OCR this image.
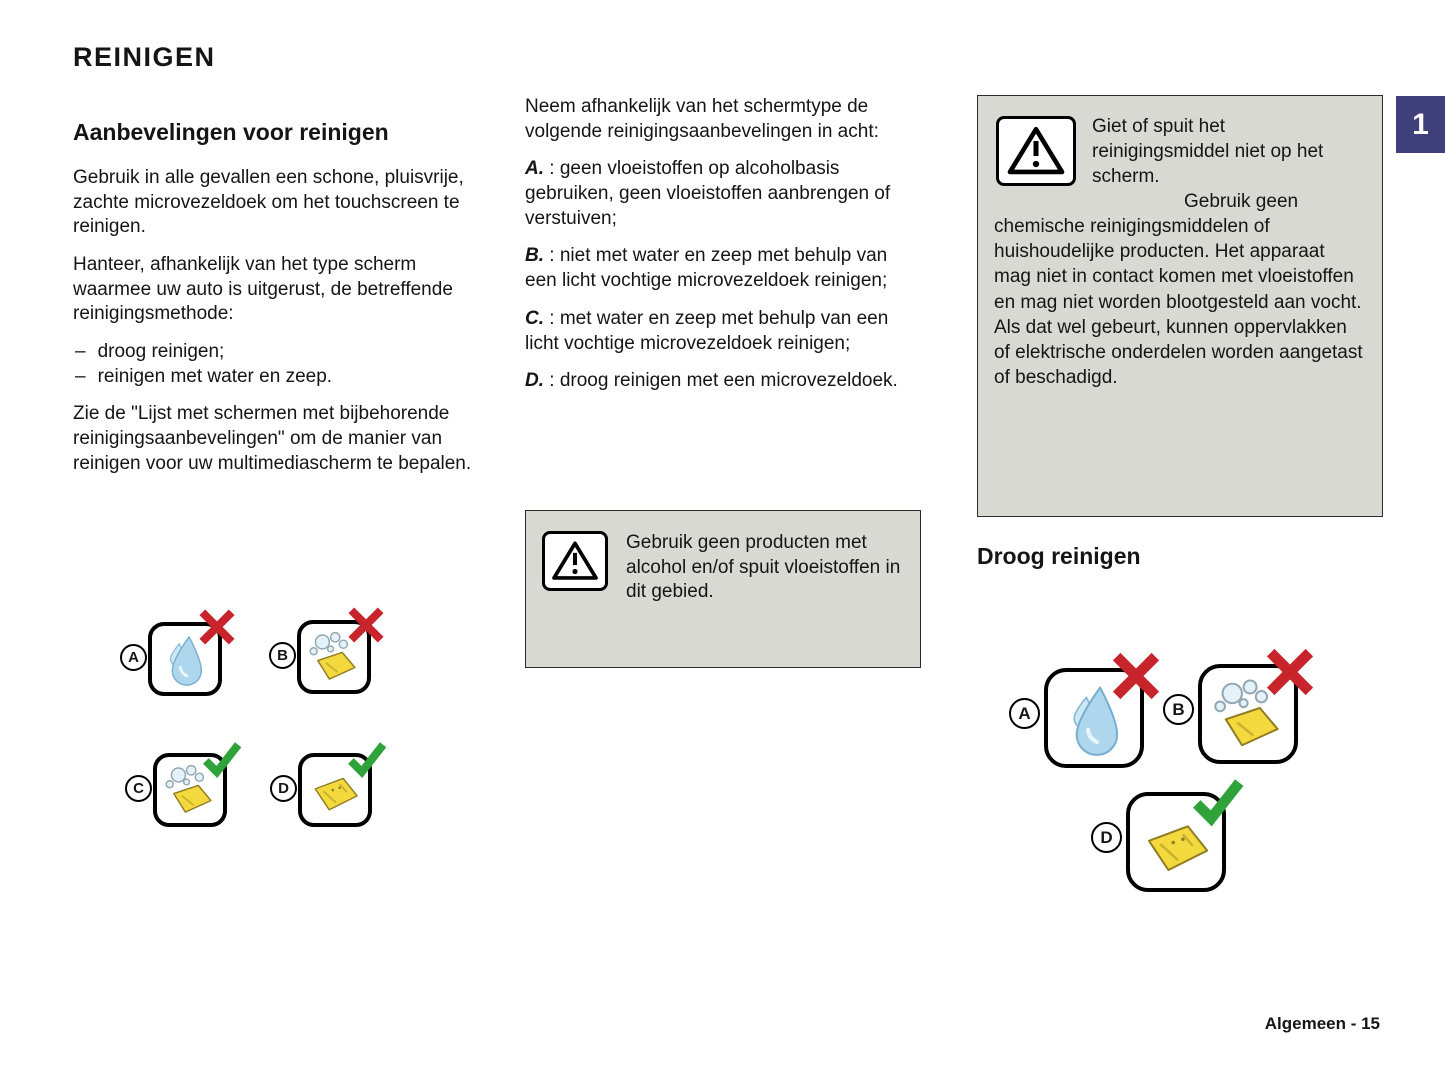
REINIGEN
1
Aanbevelingen voor reinigen

Gebruik in alle gevallen een schone, pluisvrije, zachte microvezeldoek om het touchscreen te reinigen.

Hanteer, afhankelijk van het type scherm waarmee uw auto is uitgerust, de betreffende reinigingsmethode:

– droog reinigen;
– reinigen met water en zeep.

Zie de "Lijst met schermen met bijbehorende reinigingsaanbevelingen" om de manier van reinigen voor uw multimediascherm te bepalen.

A	B
C	D

Neem afhankelijk van het schermtype de volgende reinigingsaanbevelingen in acht:

A. : geen vloeistoffen op alcoholbasis gebruiken, geen vloeistoffen aanbrengen of verstuiven;

B. : niet met water en zeep met behulp van een licht vochtige microvezeldoek reinigen;

C. : met water en zeep met behulp van een licht vochtige microvezeldoek reinigen;

D. : droog reinigen met een microvezeldoek.

Gebruik geen producten met alcohol en/of spuit vloeistoffen in dit gebied.
Giet of spuit het reinigingsmiddel niet op het scherm.
Gebruik geen chemische reinigingsmiddelen of huishoudelijke producten. Het apparaat mag niet in contact komen met vloeistoffen en mag niet worden blootgesteld aan vocht. Als dat wel gebeurt, kunnen oppervlakken of elektrische onderdelen worden aangetast of beschadigd.
Droog reinigen
A	B
D
Algemeen - 15
